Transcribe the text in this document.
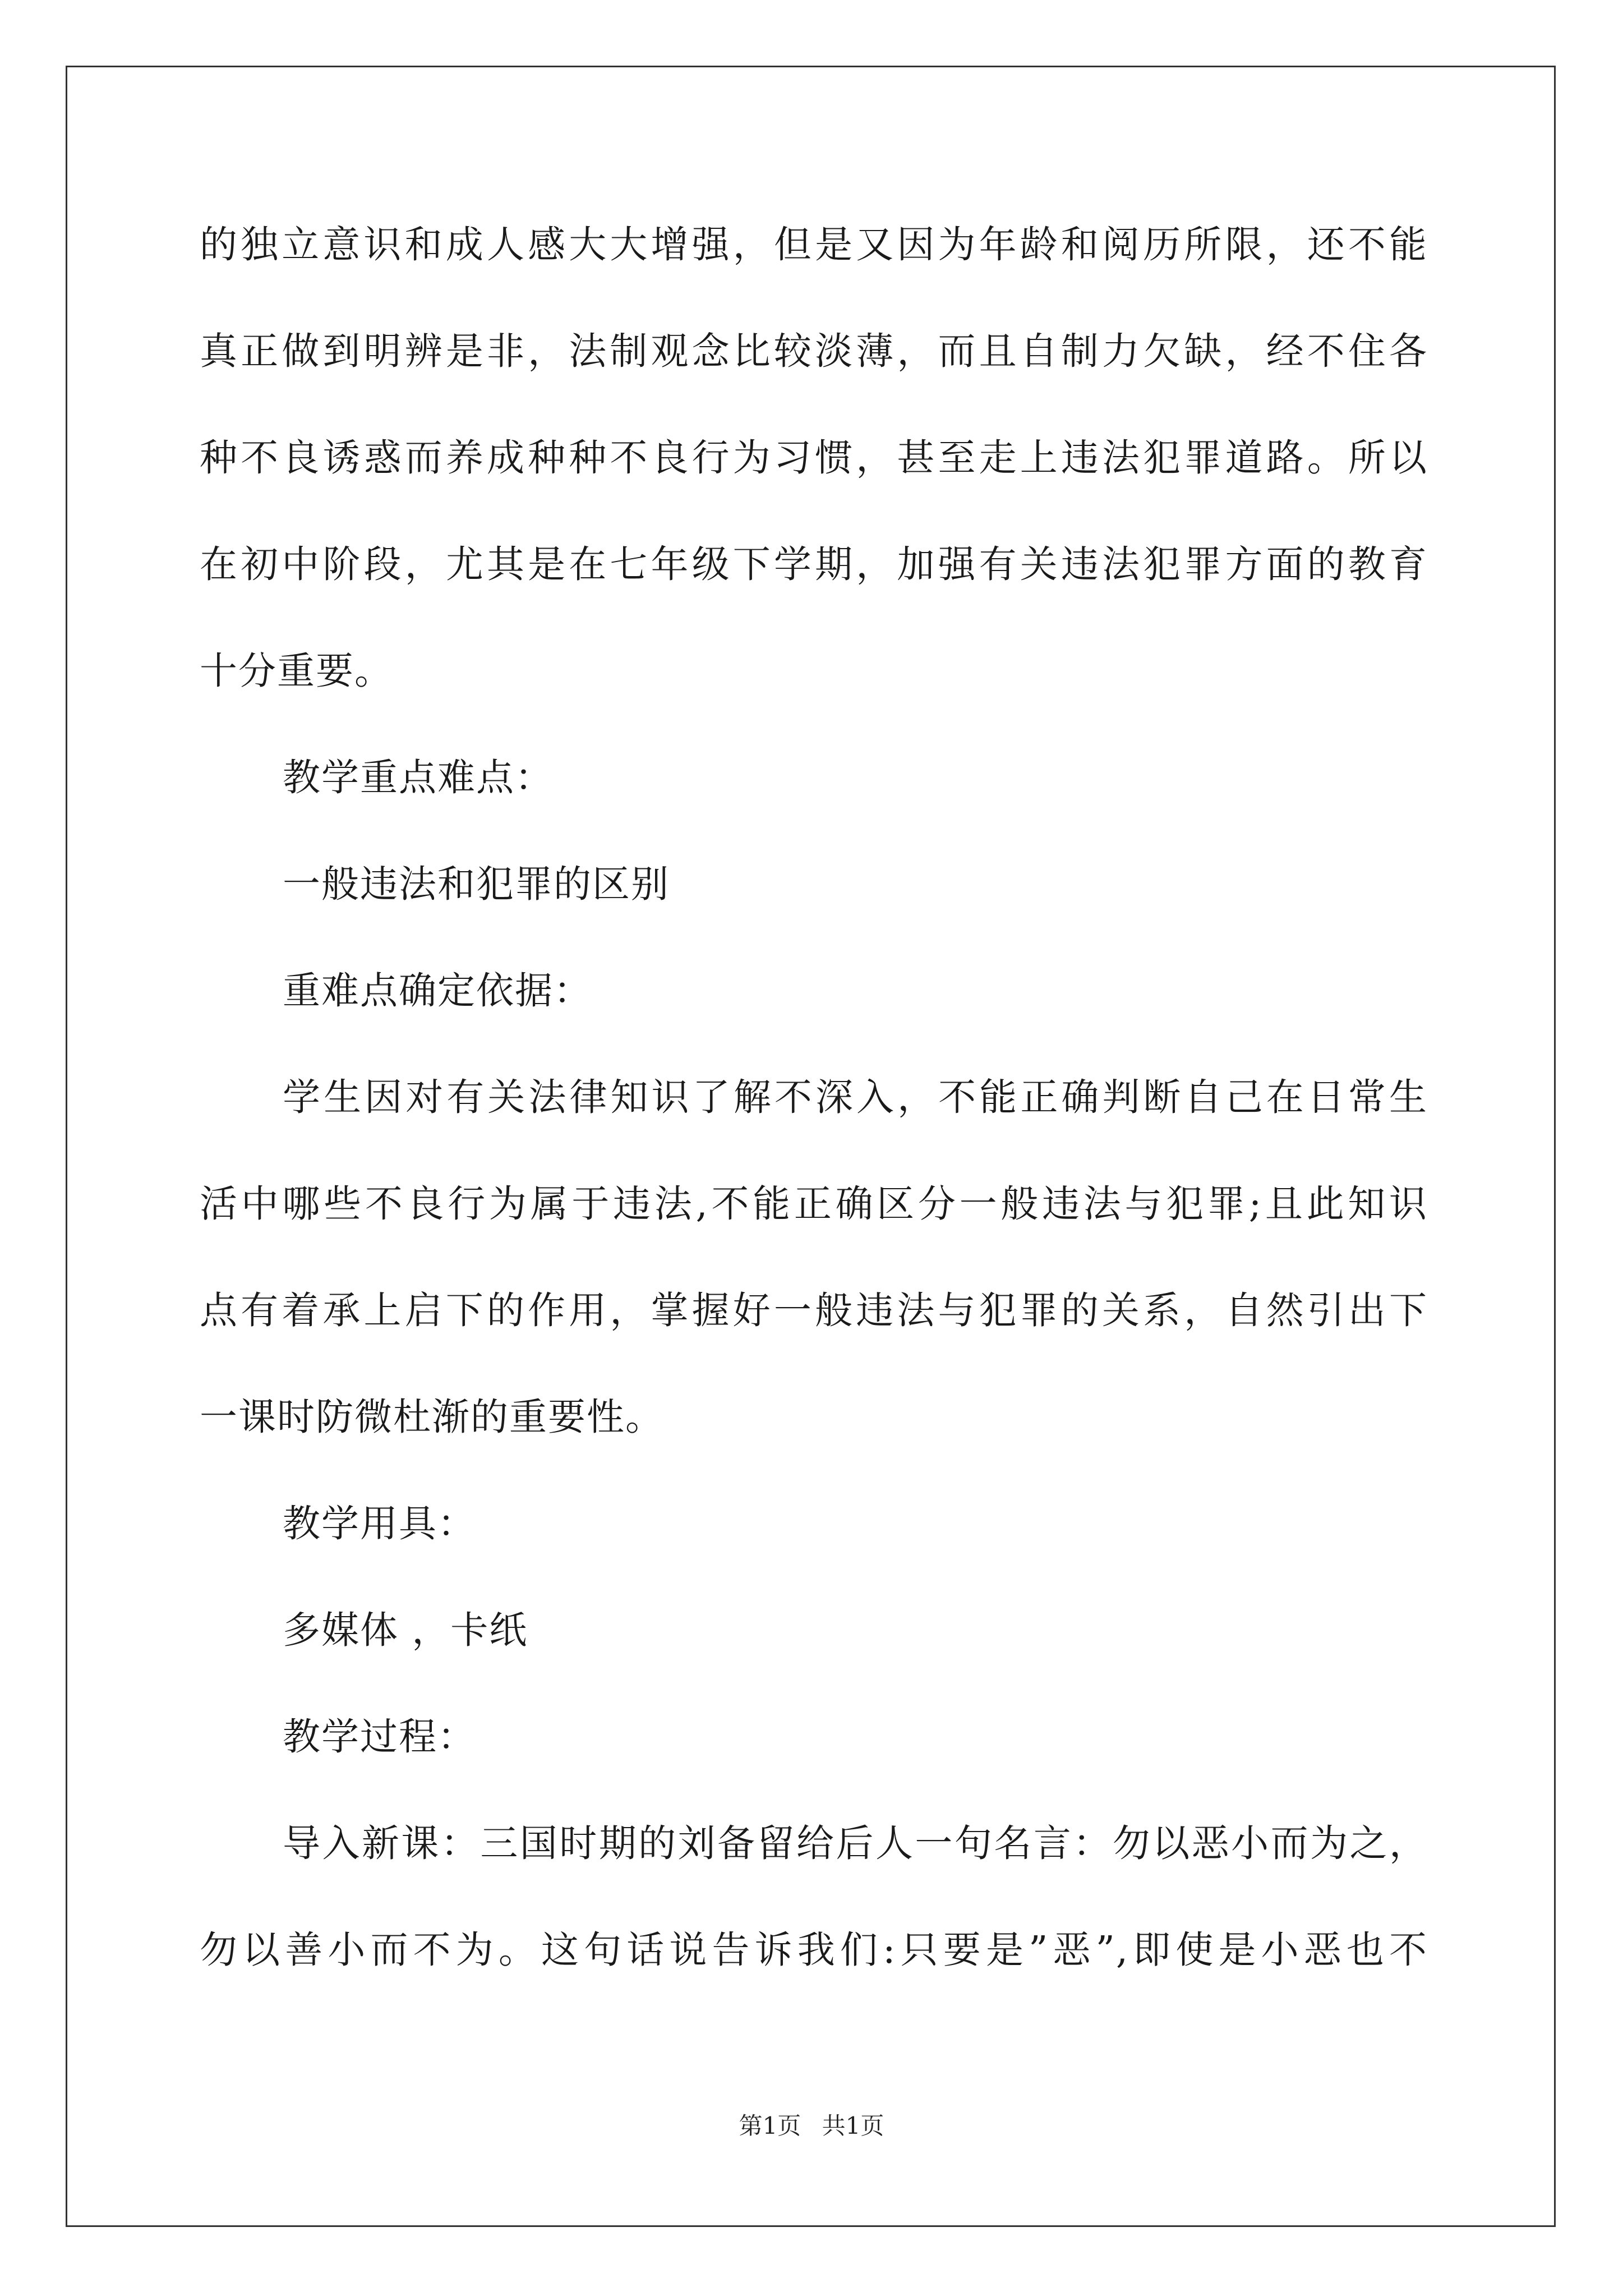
的独立意识和成人感大大增强，但是又因为年龄和阅历所限，还不能
真正做到明辨是非，法制观念比较淡薄，而且自制力欠缺，经不住各
种不良诱惑而养成种种不良行为习惯，甚至走上违法犯罪道路。所以
在初中阶段，尤其是在七年级下学期，加强有关违法犯罪方面的教育
十分重要。
教学重点难点：
一般违法和犯罪的区别
重难点确定依据：
学生因对有关法律知识了解不深入，不能正确判断自己在日常生
活中哪些不良行为属于违法,不能正确区分一般违法与犯罪;且此知识
点有着承上启下的作用，掌握好一般违法与犯罪的关系，自然引出下
一课时防微杜渐的重要性。
教学用具：
多媒体 ，卡纸
教学过程：
导入新课：三国时期的刘备留给后人一句名言：勿以恶小而为之，
勿以善小而不为。这句话说告诉我们:只要是”恶”,即使是小恶也不
第1页 共1页
